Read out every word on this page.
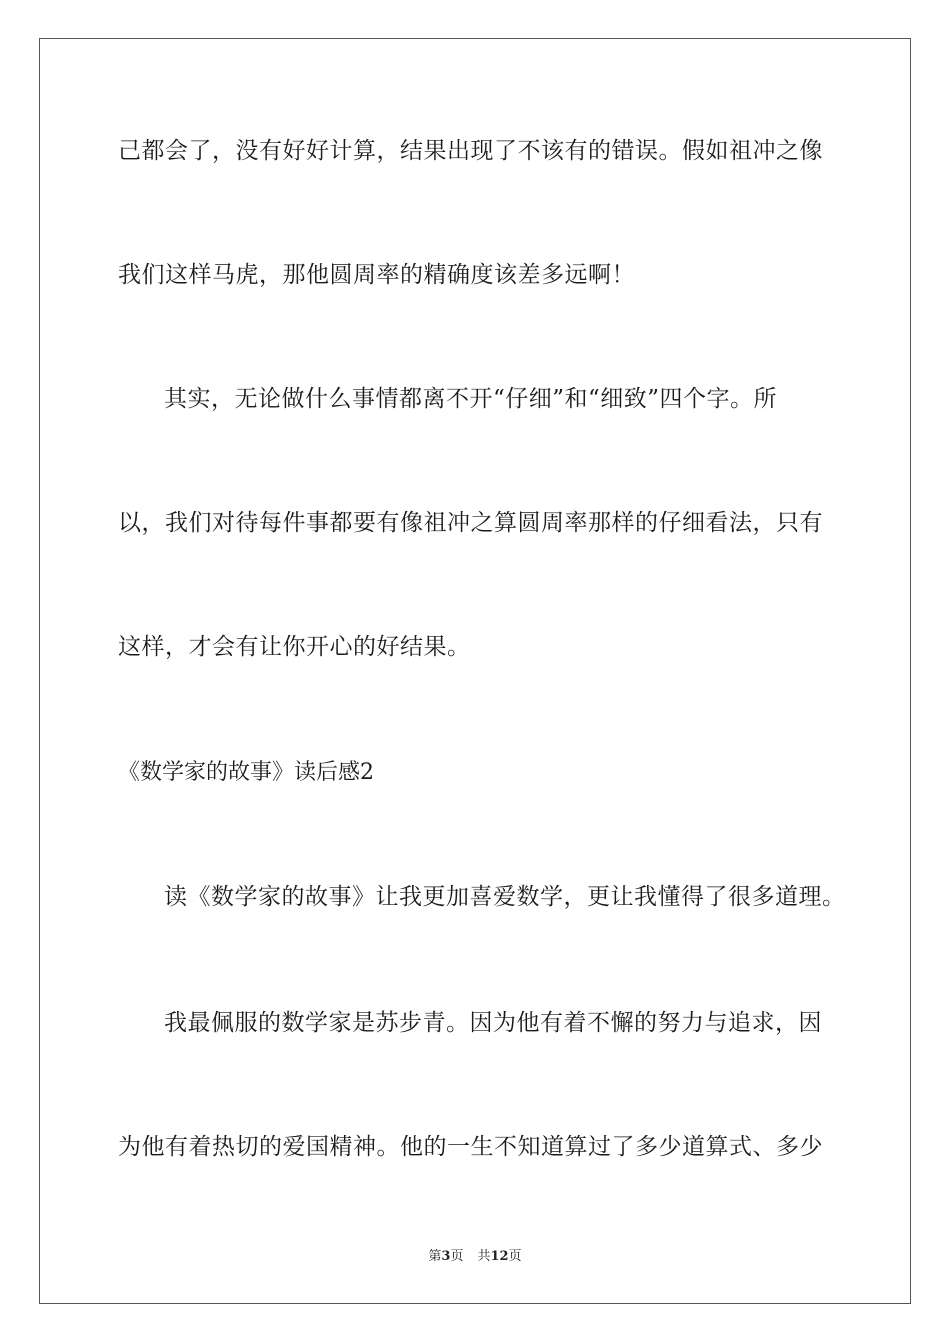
己都会了，没有好好计算，结果出现了不该有的错误。假如祖冲之像
我们这样马虎，那他圆周率的精确度该差多远啊！
其实，无论做什么事情都离不开“仔细”和“细致”四个字。所
以，我们对待每件事都要有像祖冲之算圆周率那样的仔细看法，只有
这样，才会有让你开心的好结果。
《数学家的故事》读后感2
读《数学家的故事》让我更加喜爱数学，更让我懂得了很多道理。
我最佩服的数学家是苏步青。因为他有着不懈的努力与追求，因
为他有着热切的爱国精神。他的一生不知道算过了多少道算式、多少
第3页 共12页
